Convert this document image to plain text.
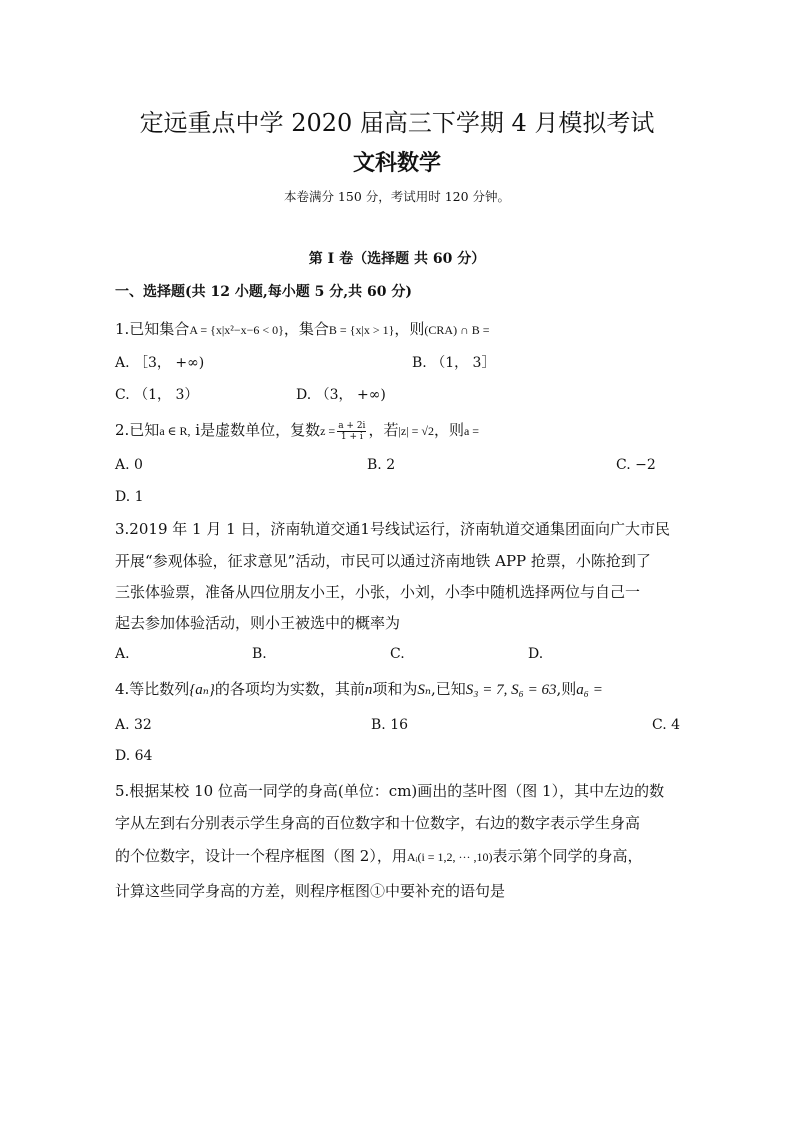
定远重点中学 2020 届高三下学期 4 月模拟考试
文科数学
本卷满分 150 分，考试用时 120 分钟。
第 I 卷（选择题 共 60 分）
一、选择题(共 12 小题,每小题 5 分,共 60 分)
1.已知集合A = {x|x²−x−6 < 0}，集合B = {x|x > 1}，则(CRA) ∩ B =
A. ［3， +∞)	B. （1， 3］
C. （1， 3）	D. （3， +∞)
2.已知a ∈ R, i是虚数单位，复数$z = \frac{a + 2i}{1 + i}$ ，若|z| = √2，则a =
A. 0	B. 2	C. −2
D. 1
3.2019 年 1 月 1 日，济南轨道交通1号线试运行，济南轨道交通集团面向广大市民
开展“参观体验，征求意见”活动，市民可以通过济南地铁 APP 抢票，小陈抢到了
三张体验票，准备从四位朋友小王，小张，小刘，小李中随机选择两位与自己一
起去参加体验活动，则小王被选中的概率为
A.	B.	C.	D.
4.等比数列{aₙ}的各项均为实数，其前n项和为Sₙ,已知S₃ = 7, S₆ = 63,则a₆ =
A. 32	B. 16	C. 4
D. 64
5.根据某校 10 位高一同学的身高(单位：cm)画出的茎叶图（图 1），其中左边的数
字从左到右分别表示学生身高的百位数字和十位数字，右边的数字表示学生身高
的个位数字，设计一个程序框图（图 2），用Aᵢ(i = 1,2, ··· ,10)表示第个同学的身高，
计算这些同学身高的方差，则程序框图①中要补充的语句是
